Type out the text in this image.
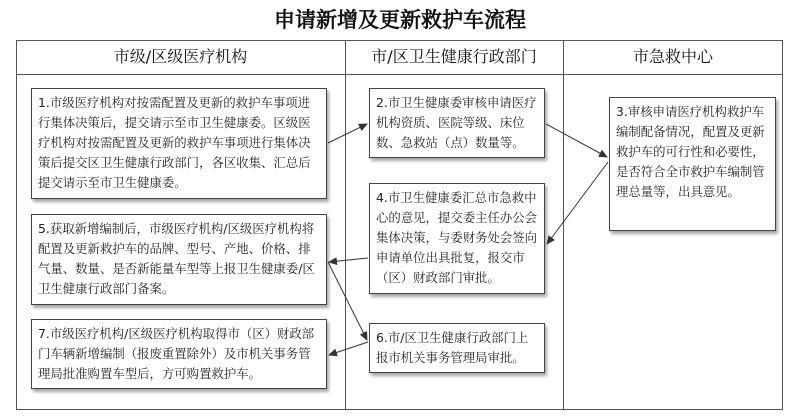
申请新增及更新救护车流程
市级/区级医疗机构	市/区卫生健康行政部门	市急救中心
1.市级医疗机构对按需配置及更新的救护车事项进行集体决策后，提交请示至市卫生健康委。区级医疗机构对按需配置及更新的救护车事项进行集体决策后提交区卫生健康行政部门，各区收集、汇总后提交请示至市卫生健康委。
2.市卫生健康委审核申请医疗机构资质、医院等级、床位数、急救站（点）数量等。
3.审核申请医疗机构救护车编制配备情况，配置及更新救护车的可行性和必要性，是否符合全市救护车编制管理总量等，出具意见。
4.市卫生健康委汇总市急救中心的意见，提交委主任办公会集体决策，与委财务处会签向申请单位出具批复，报交市（区）财政部门审批。
5.获取新增编制后，市级医疗机构/区级医疗机构将配置及更新救护车的品牌、型号、产地、价格、排气量、数量、是否新能量车型等上报卫生健康委/区卫生健康行政部门备案。
6.市/区卫生健康行政部门上报市机关事务管理局审批。
7.市级医疗机构/区级医疗机构取得市（区）财政部门车辆新增编制（报废重置除外）及市机关事务管理局批准购置车型后，方可购置救护车。
